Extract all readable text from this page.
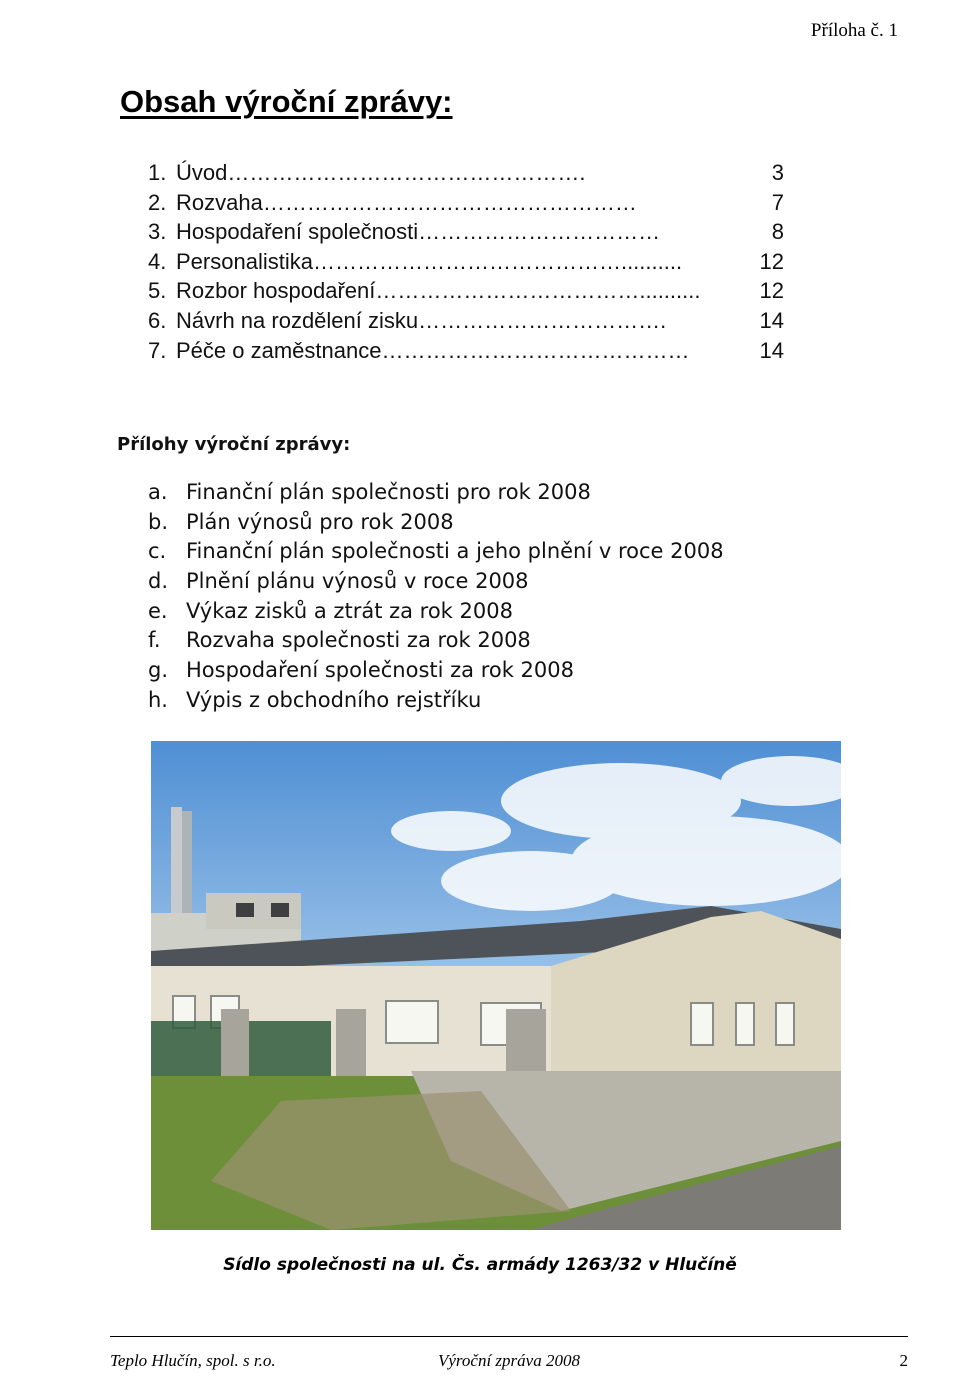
Příloha č. 1
Obsah výroční zprávy:
1. Úvod ………………………………………….	3
2. Rozvaha ……………………………………………	7
3. Hospodaření společnosti ……………………………	8
4. Personalistika ……………………………………..........	12
5. Rozbor hospodaření ………………………………..........	12
6. Návrh na rozdělení zisku …………………………….	14
7. Péče o zaměstnance ……………………………………	14
Přílohy výroční zprávy:
a. Finanční plán společnosti pro rok 2008
b. Plán výnosů pro rok 2008
c. Finanční plán společnosti a jeho plnění v roce 2008
d. Plnění plánu výnosů v roce 2008
e. Výkaz zisků a ztrát za rok 2008
f.	Rozvaha společnosti za rok 2008
g. Hospodaření společnosti za rok 2008
h. Výpis z obchodního rejstříku
Sídlo společnosti na ul. Čs. armády 1263/32 v Hlučíně
Teplo Hlučín, spol. s r.o.	Výroční zpráva 2008	2
